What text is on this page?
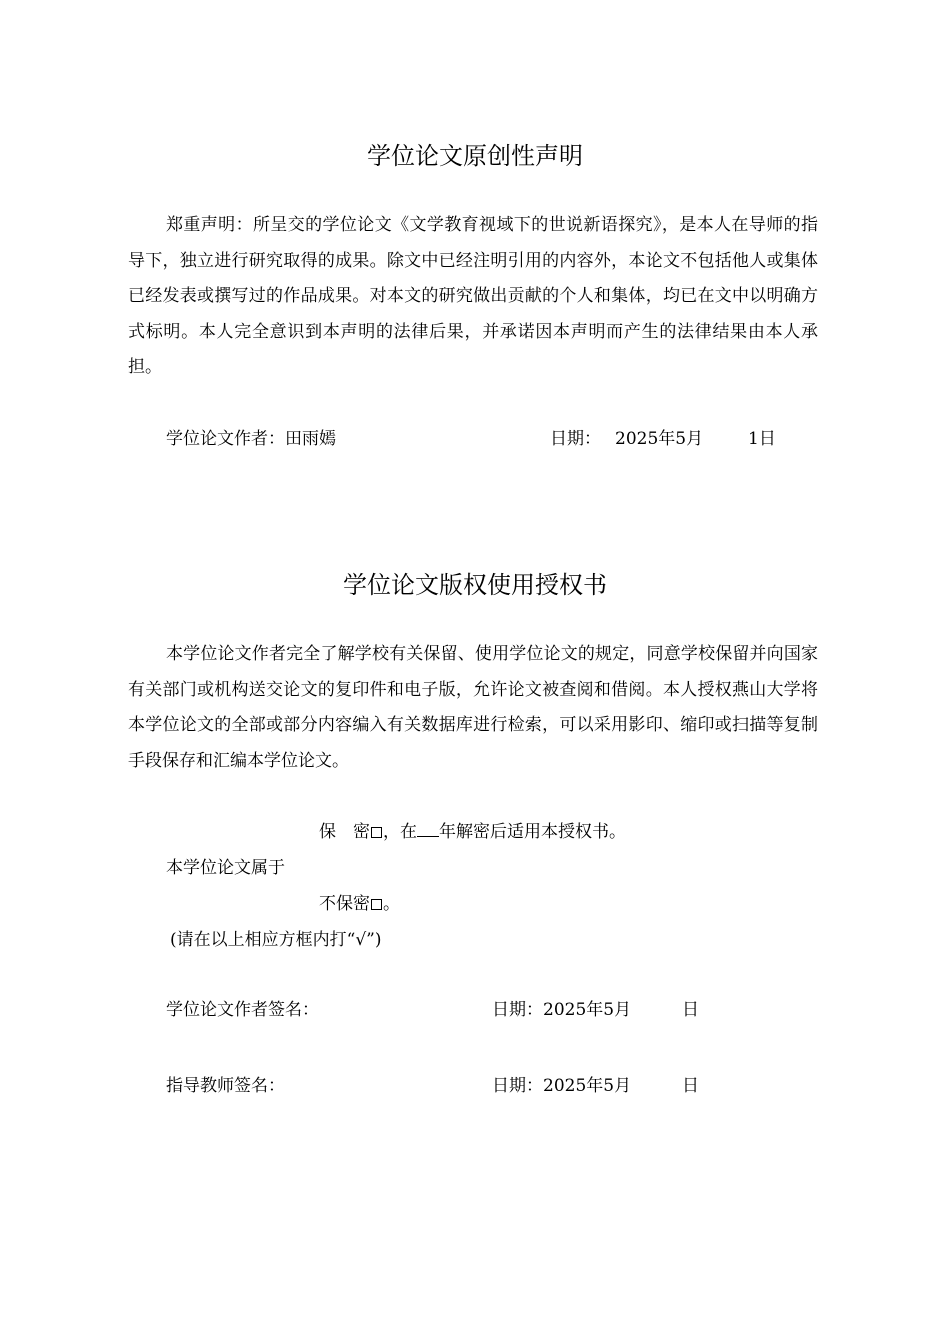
学位论文原创性声明

郑重声明：所呈交的学位论文《文学教育视域下的世说新语探究》，是本人在导师的指导下，独立进行研究取得的成果。除文中已经注明引用的内容外，本论文不包括他人或集体已经发表或撰写过的作品成果。对本文的研究做出贡献的个人和集体，均已在文中以明确方式标明。本人完全意识到本声明的法律后果，并承诺因本声明而产生的法律结果由本人承担。

学位论文作者：田雨嫣	日期： 2025年5月	1日
学位论文版权使用授权书

本学位论文作者完全了解学校有关保留、使用学位论文的规定，同意学校保留并向国家有关部门或机构送交论文的复印件和电子版，允许论文被查阅和借阅。本人授权燕山大学将本学位论文的全部或部分内容编入有关数据库进行检索，可以采用影印、缩印或扫描等复制手段保存和汇编本学位论文。

保　密 ，在 年解密后适用本授权书。
本学位论文属于
不保密 。
(请在以上相应方框内打“√”)
学位论文作者签名：	日期：2025年5月	日
指导教师签名：	日期：2025年5月	日
